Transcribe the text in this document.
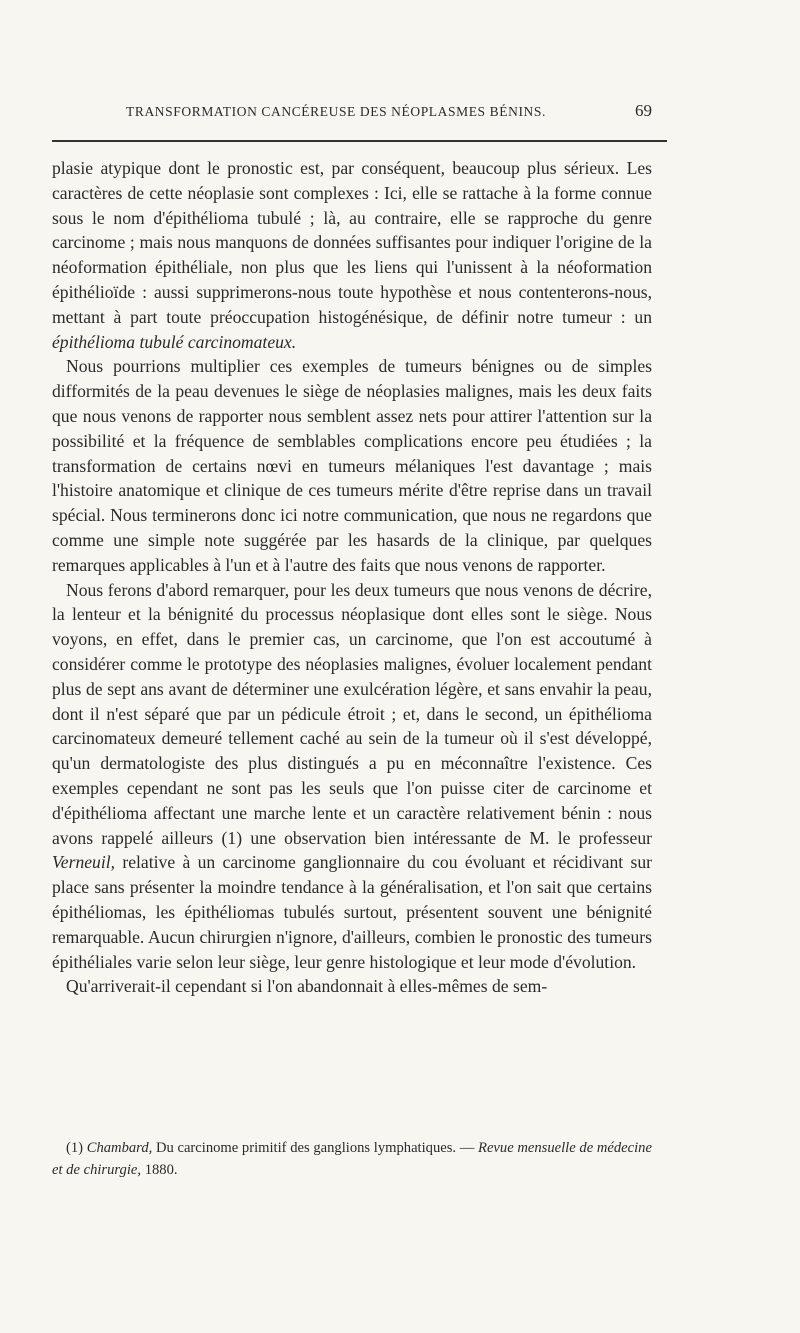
TRANSFORMATION CANCÉREUSE DES NÉOPLASMES BÉNINS.	69

plasie atypique dont le pronostic est, par conséquent, beaucoup plus sérieux. Les caractères de cette néoplasie sont complexes : Ici, elle se rattache à la forme connue sous le nom d'épithélioma tubulé ; là, au contraire, elle se rapproche du genre carcinome ; mais nous manquons de données suffisantes pour indiquer l'origine de la néoformation épithéliale, non plus que les liens qui l'unissent à la néoformation épithélioïde : aussi supprimerons-nous toute hypothèse et nous contenterons-nous, mettant à part toute préoccupation histogénésique, de définir notre tumeur : un épithélioma tubulé carcinomateux.

Nous pourrions multiplier ces exemples de tumeurs bénignes ou de simples difformités de la peau devenues le siège de néoplasies malignes, mais les deux faits que nous venons de rapporter nous semblent assez nets pour attirer l'attention sur la possibilité et la fréquence de semblables complications encore peu étudiées ; la transformation de certains nœvi en tumeurs mélaniques l'est davantage ; mais l'histoire anatomique et clinique de ces tumeurs mérite d'être reprise dans un travail spécial. Nous terminerons donc ici notre communication, que nous ne regardons que comme une simple note suggérée par les hasards de la clinique, par quelques remarques applicables à l'un et à l'autre des faits que nous venons de rapporter.

Nous ferons d'abord remarquer, pour les deux tumeurs que nous venons de décrire, la lenteur et la bénignité du processus néoplasique dont elles sont le siège. Nous voyons, en effet, dans le premier cas, un carcinome, que l'on est accoutumé à considérer comme le prototype des néoplasies malignes, évoluer localement pendant plus de sept ans avant de déterminer une exulcération légère, et sans envahir la peau, dont il n'est séparé que par un pédicule étroit ; et, dans le second, un épithélioma carcinomateux demeuré tellement caché au sein de la tumeur où il s'est développé, qu'un dermatologiste des plus distingués a pu en méconnaître l'existence. Ces exemples cependant ne sont pas les seuls que l'on puisse citer de carcinome et d'épithélioma affectant une marche lente et un caractère relativement bénin : nous avons rappelé ailleurs (1) une observation bien intéressante de M. le professeur Verneuil, relative à un carcinome ganglionnaire du cou évoluant et récidivant sur place sans présenter la moindre tendance à la généralisation, et l'on sait que certains épithéliomas, les épithéliomas tubulés surtout, présentent souvent une bénignité remarquable. Aucun chirurgien n'ignore, d'ailleurs, combien le pronostic des tumeurs épithéliales varie selon leur siège, leur genre histologique et leur mode d'évolution.

Qu'arriverait-il cependant si l'on abandonnait à elles-mêmes de sem-

(1) Chambard, Du carcinome primitif des ganglions lymphatiques. — Revue mensuelle de médecine et de chirurgie, 1880.
